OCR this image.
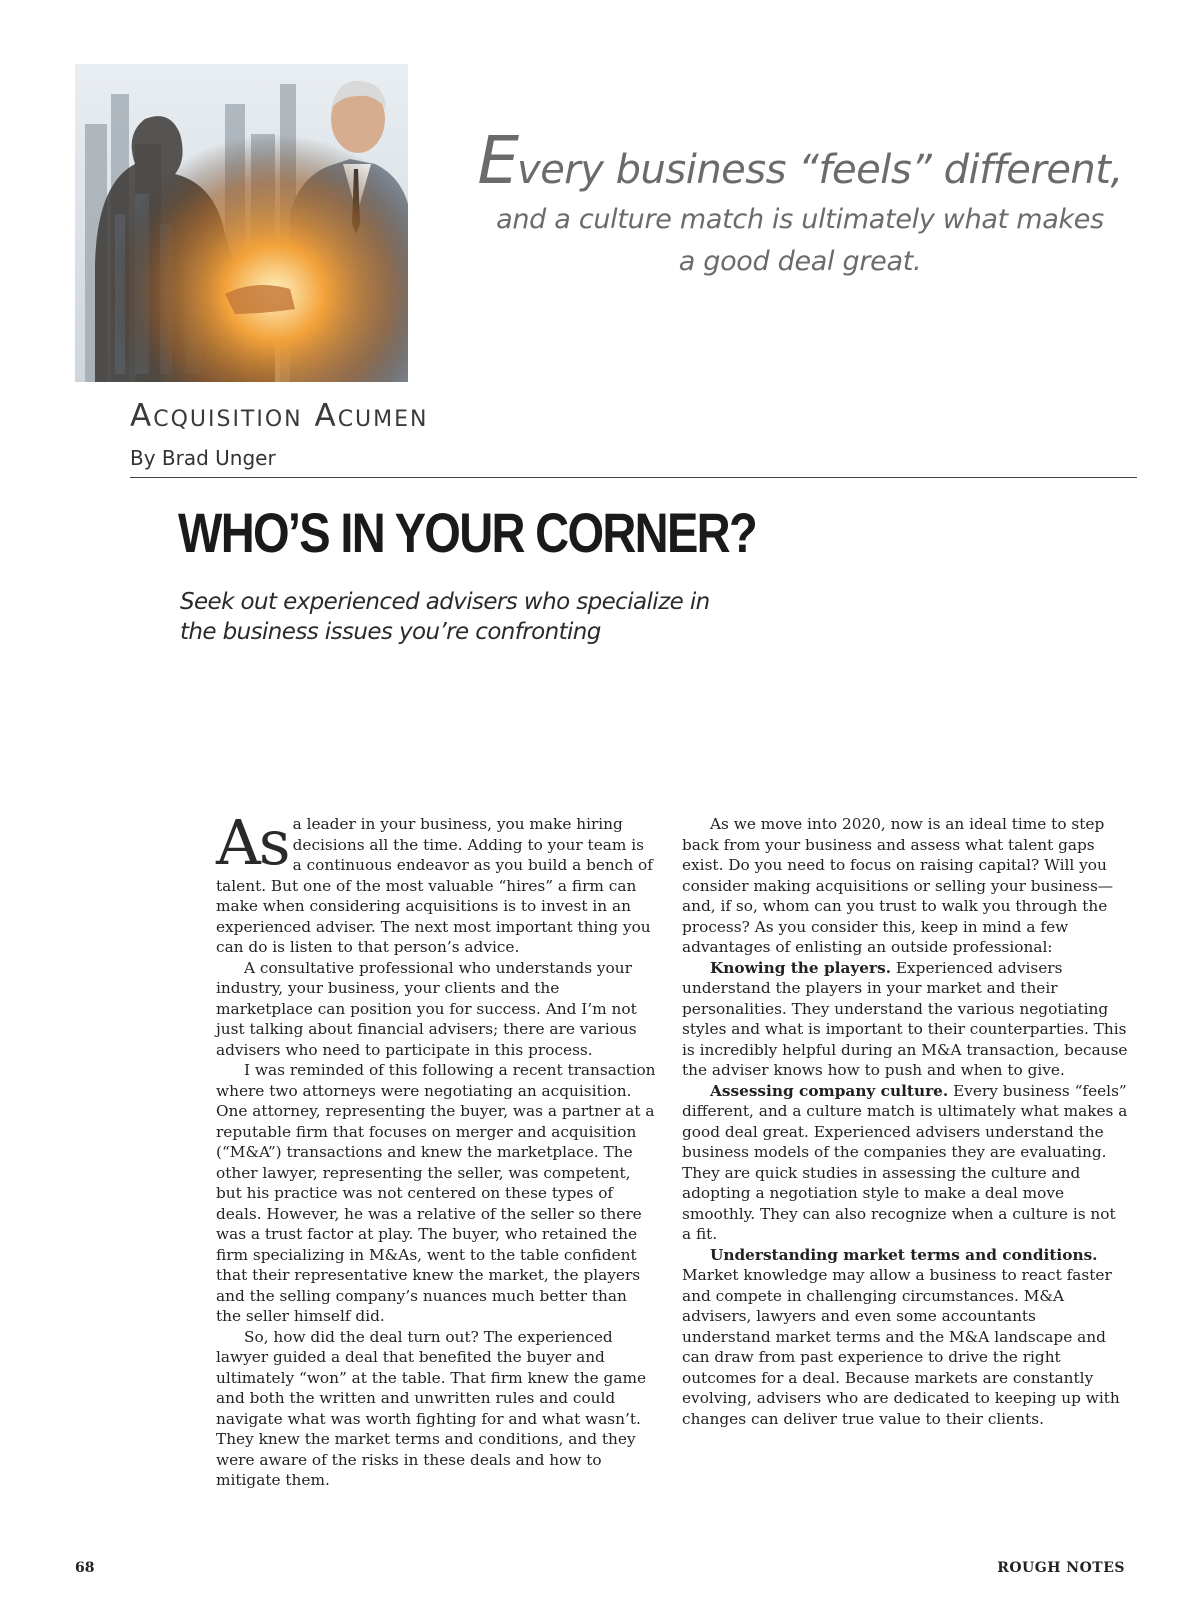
Every business “feels” different,
and a culture match is ultimately what makes
a good deal great.
Acquisition Acumen
By Brad Unger
WHO’S IN YOUR CORNER?
Seek out experienced advisers who specialize in
the business issues you’re confronting

As a leader in your business, you make hiring decisions all the time. Adding to your team is a continuous endeavor as you build a bench of talent. But one of the most valuable “hires” a firm can make when considering acquisitions is to invest in an experienced adviser. The next most important thing you can do is listen to that person’s advice.

A consultative professional who understands your industry, your business, your clients and the marketplace can position you for success. And I’m not just talking about financial advisers; there are various advisers who need to participate in this process.

I was reminded of this following a recent transaction where two attorneys were negotiating an acquisition. One attorney, representing the buyer, was a partner at a reputable firm that focuses on merger and acquisition (“M&A”) transactions and knew the marketplace. The other lawyer, representing the seller, was competent, but his practice was not centered on these types of deals. However, he was a relative of the seller so there was a trust factor at play. The buyer, who retained the firm specializing in M&As, went to the table confident that their representative knew the market, the players and the selling company’s nuances much better than the seller himself did.

So, how did the deal turn out? The experienced lawyer guided a deal that benefited the buyer and ultimately “won” at the table. That firm knew the game and both the written and unwritten rules and could navigate what was worth fighting for and what wasn’t. They knew the market terms and conditions, and they were aware of the risks in these deals and how to mitigate them.

As we move into 2020, now is an ideal time to step back from your business and assess what talent gaps exist. Do you need to focus on raising capital? Will you consider making acquisitions or selling your business—and, if so, whom can you trust to walk you through the process? As you consider this, keep in mind a few advantages of enlisting an outside professional:

Knowing the players. Experienced advisers understand the players in your market and their personalities. They understand the various negotiating styles and what is important to their counterparties. This is incredibly helpful during an M&A transaction, because the adviser knows how to push and when to give.

Assessing company culture. Every business “feels” different, and a culture match is ultimately what makes a good deal great. Experienced advisers understand the business models of the companies they are evaluating. They are quick studies in assessing the culture and adopting a negotiation style to make a deal move smoothly. They can also recognize when a culture is not a fit.

Understanding market terms and conditions. Market knowledge may allow a business to react faster and compete in challenging circumstances. M&A advisers, lawyers and even some accountants understand market terms and the M&A landscape and can draw from past experience to drive the right outcomes for a deal. Because markets are constantly evolving, advisers who are dedicated to keeping up with changes can deliver true value to their clients.

68	ROUGH NOTES
